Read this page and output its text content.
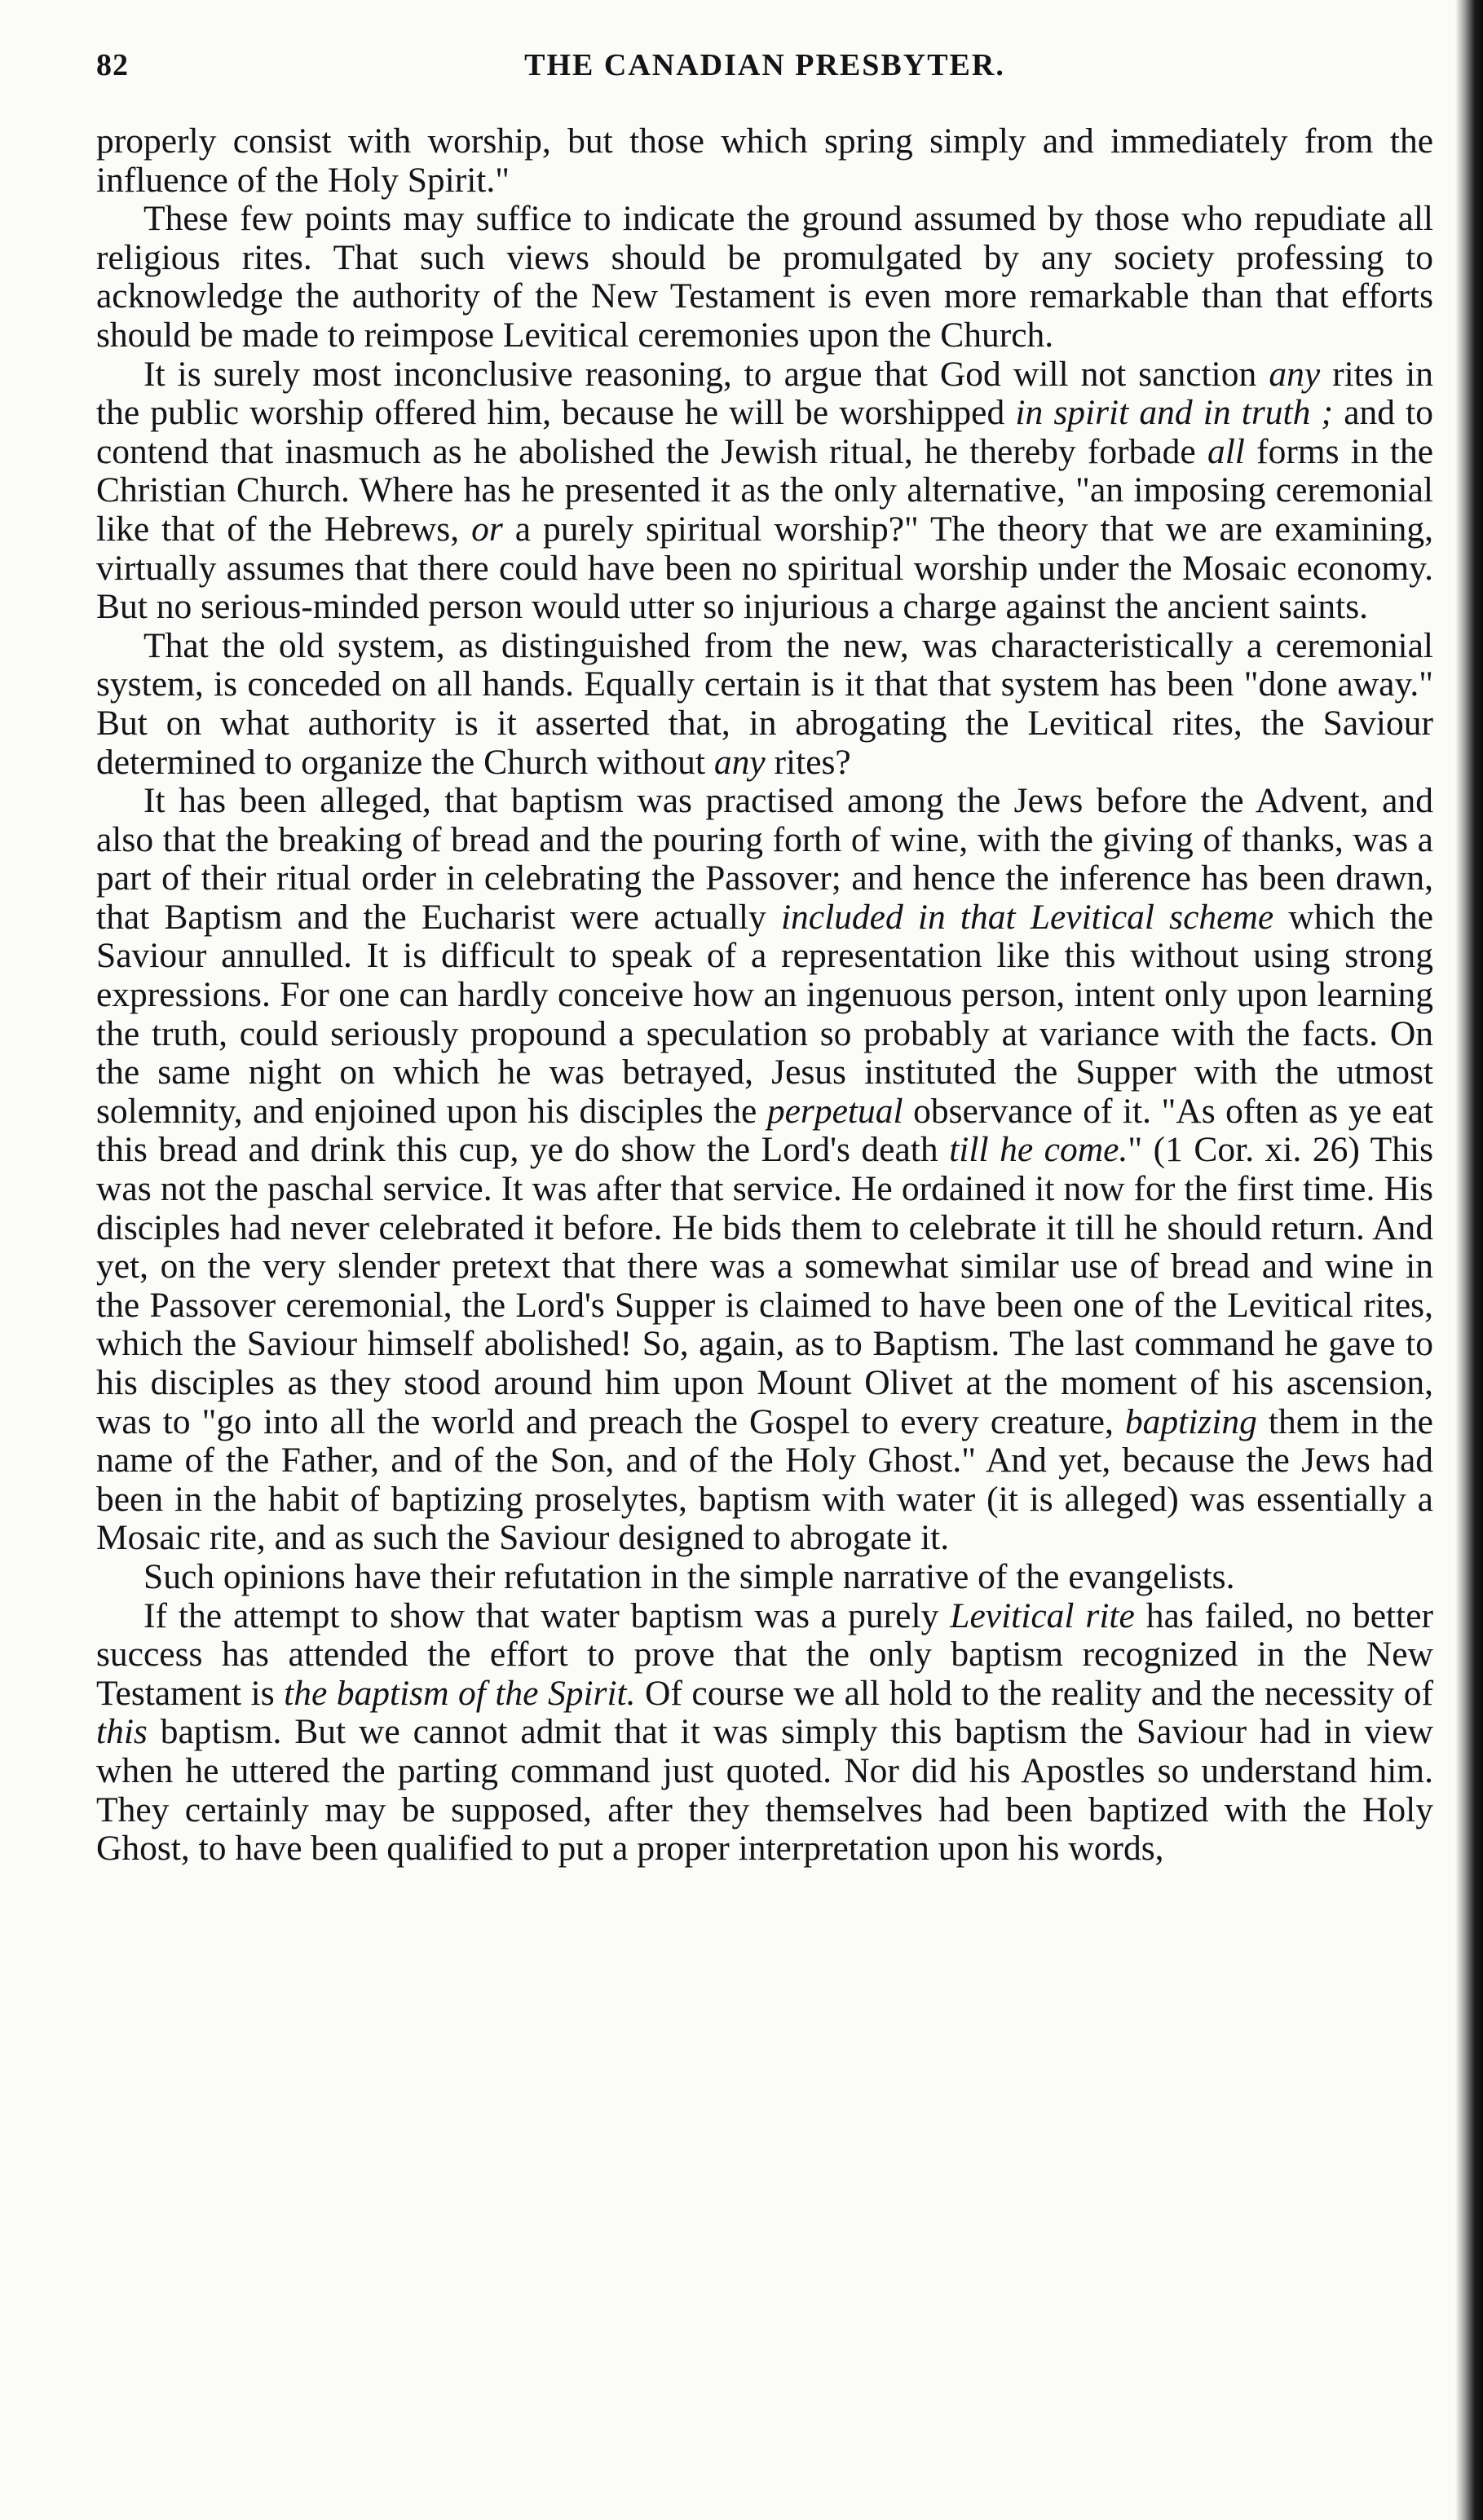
82	THE CANADIAN PRESBYTER.

properly consist with worship, but those which spring simply and immediately from the influence of the Holy Spirit."

These few points may suffice to indicate the ground assumed by those who repudiate all religious rites. That such views should be promulgated by any society professing to acknowledge the authority of the New Testament is even more remarkable than that efforts should be made to reimpose Levitical ceremonies upon the Church.

It is surely most inconclusive reasoning, to argue that God will not sanction any rites in the public worship offered him, because he will be worshipped in spirit and in truth ; and to contend that inasmuch as he abolished the Jewish ritual, he thereby forbade all forms in the Christian Church. Where has he presented it as the only alternative, "an imposing ceremonial like that of the Hebrews, or a purely spiritual worship?" The theory that we are examining, virtually assumes that there could have been no spiritual worship under the Mosaic economy. But no serious-minded person would utter so injurious a charge against the ancient saints.

That the old system, as distinguished from the new, was characteristically a ceremonial system, is conceded on all hands. Equally certain is it that that system has been "done away." But on what authority is it asserted that, in abrogating the Levitical rites, the Saviour determined to organize the Church without any rites?

It has been alleged, that baptism was practised among the Jews before the Advent, and also that the breaking of bread and the pouring forth of wine, with the giving of thanks, was a part of their ritual order in celebrating the Passover; and hence the inference has been drawn, that Baptism and the Eucharist were actually included in that Levitical scheme which the Saviour annulled. It is difficult to speak of a representation like this without using strong expressions. For one can hardly conceive how an ingenuous person, intent only upon learning the truth, could seriously propound a speculation so probably at variance with the facts. On the same night on which he was betrayed, Jesus instituted the Supper with the utmost solemnity, and enjoined upon his disciples the perpetual observance of it. "As often as ye eat this bread and drink this cup, ye do show the Lord's death till he come." (1 Cor. xi. 26) This was not the paschal service. It was after that service. He ordained it now for the first time. His disciples had never celebrated it before. He bids them to celebrate it till he should return. And yet, on the very slender pretext that there was a somewhat similar use of bread and wine in the Passover ceremonial, the Lord's Supper is claimed to have been one of the Levitical rites, which the Saviour himself abolished! So, again, as to Baptism. The last command he gave to his disciples as they stood around him upon Mount Olivet at the moment of his ascension, was to "go into all the world and preach the Gospel to every creature, baptizing them in the name of the Father, and of the Son, and of the Holy Ghost." And yet, because the Jews had been in the habit of baptizing proselytes, baptism with water (it is alleged) was essentially a Mosaic rite, and as such the Saviour designed to abrogate it.

Such opinions have their refutation in the simple narrative of the evangelists.

If the attempt to show that water baptism was a purely Levitical rite has failed, no better success has attended the effort to prove that the only baptism recognized in the New Testament is the baptism of the Spirit. Of course we all hold to the reality and the necessity of this baptism. But we cannot admit that it was simply this baptism the Saviour had in view when he uttered the parting command just quoted. Nor did his Apostles so understand him. They certainly may be supposed, after they themselves had been baptized with the Holy Ghost, to have been qualified to put a proper interpretation upon his words,
